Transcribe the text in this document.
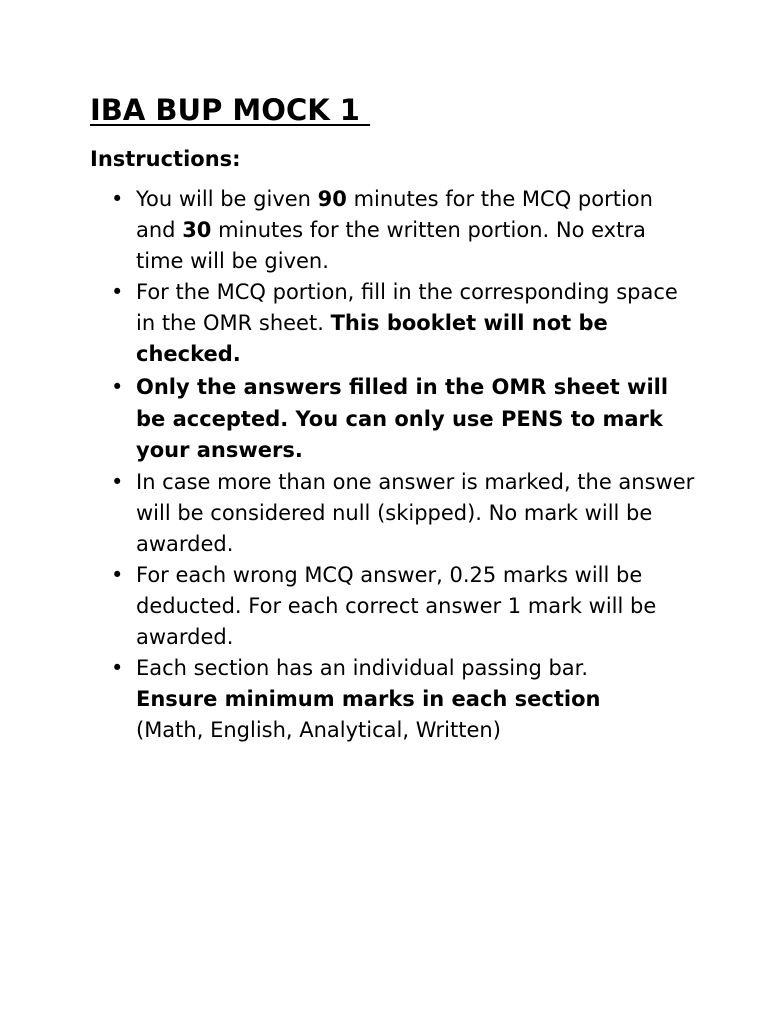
IBA BUP MOCK 1
Instructions:
• You will be given 90 minutes for the MCQ portion and 30 minutes for the written portion. No extra time will be given.
• For the MCQ portion, fill in the corresponding space in the OMR sheet. This booklet will not be checked.
• Only the answers filled in the OMR sheet will be accepted. You can only use PENS to mark your answers.
• In case more than one answer is marked, the answer will be considered null (skipped). No mark will be awarded.
• For each wrong MCQ answer, 0.25 marks will be deducted. For each correct answer 1 mark will be awarded.
• Each section has an individual passing bar.
Ensure minimum marks in each section
(Math, English, Analytical, Written)
